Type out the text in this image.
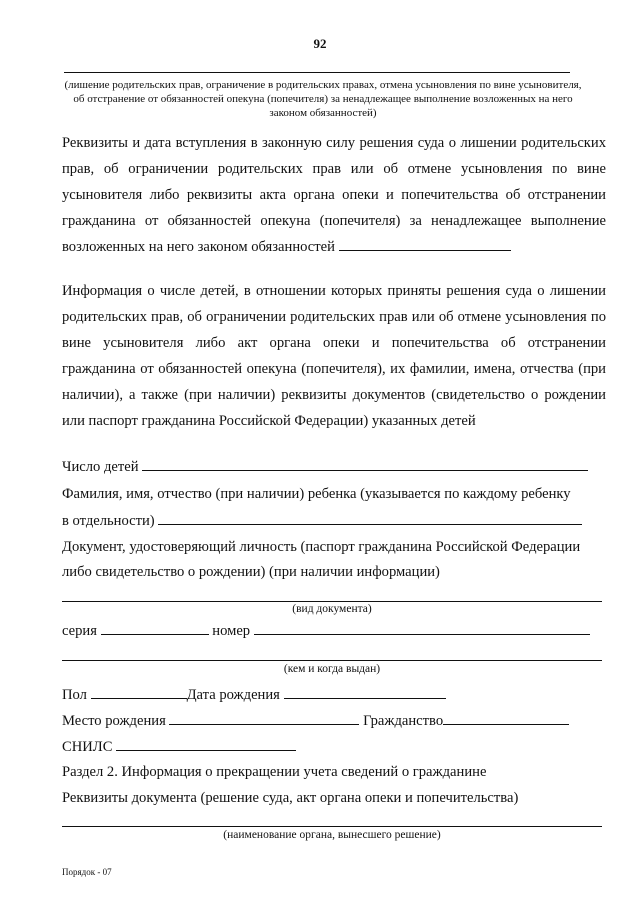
92
(лишение родительских прав, ограничение в родительских правах, отмена усыновления по вине усыновителя, об отстранение от обязанностей опекуна (попечителя) за ненадлежащее выполнение возложенных на него законом обязанностей)
Реквизиты и дата вступления в законную силу решения суда о лишении родительских прав, об ограничении родительских прав или об отмене усыновления по вине усыновителя либо реквизиты акта органа опеки и попечительства об отстранении гражданина от обязанностей опекуна (попечителя) за ненадлежащее выполнение возложенных на него законом обязанностей
Информация о числе детей, в отношении которых приняты решения суда о лишении родительских прав, об ограничении родительских прав или об отмене усыновления по вине усыновителя либо акт органа опеки и попечительства об отстранении гражданина от обязанностей опекуна (попечителя), их фамилии, имена, отчества (при наличии), а также (при наличии) реквизиты документов (свидетельство о рождении или паспорт гражданина Российской Федерации) указанных детей
Число детей
Фамилия, имя, отчество (при наличии) ребенка (указывается по каждому ребенку
в отдельности)
Документ, удостоверяющий личность (паспорт гражданина Российской Федерации
либо свидетельство о рождении) (при наличии информации)
(вид документа)
серия	номер
(кем и когда выдан)
Пол	Дата рождения
Место рождения	Гражданство
СНИЛС
Раздел 2. Информация о прекращении учета сведений о гражданине
Реквизиты документа (решение суда, акт органа опеки и попечительства)
(наименование органа, вынесшего решение)
Порядок - 07
